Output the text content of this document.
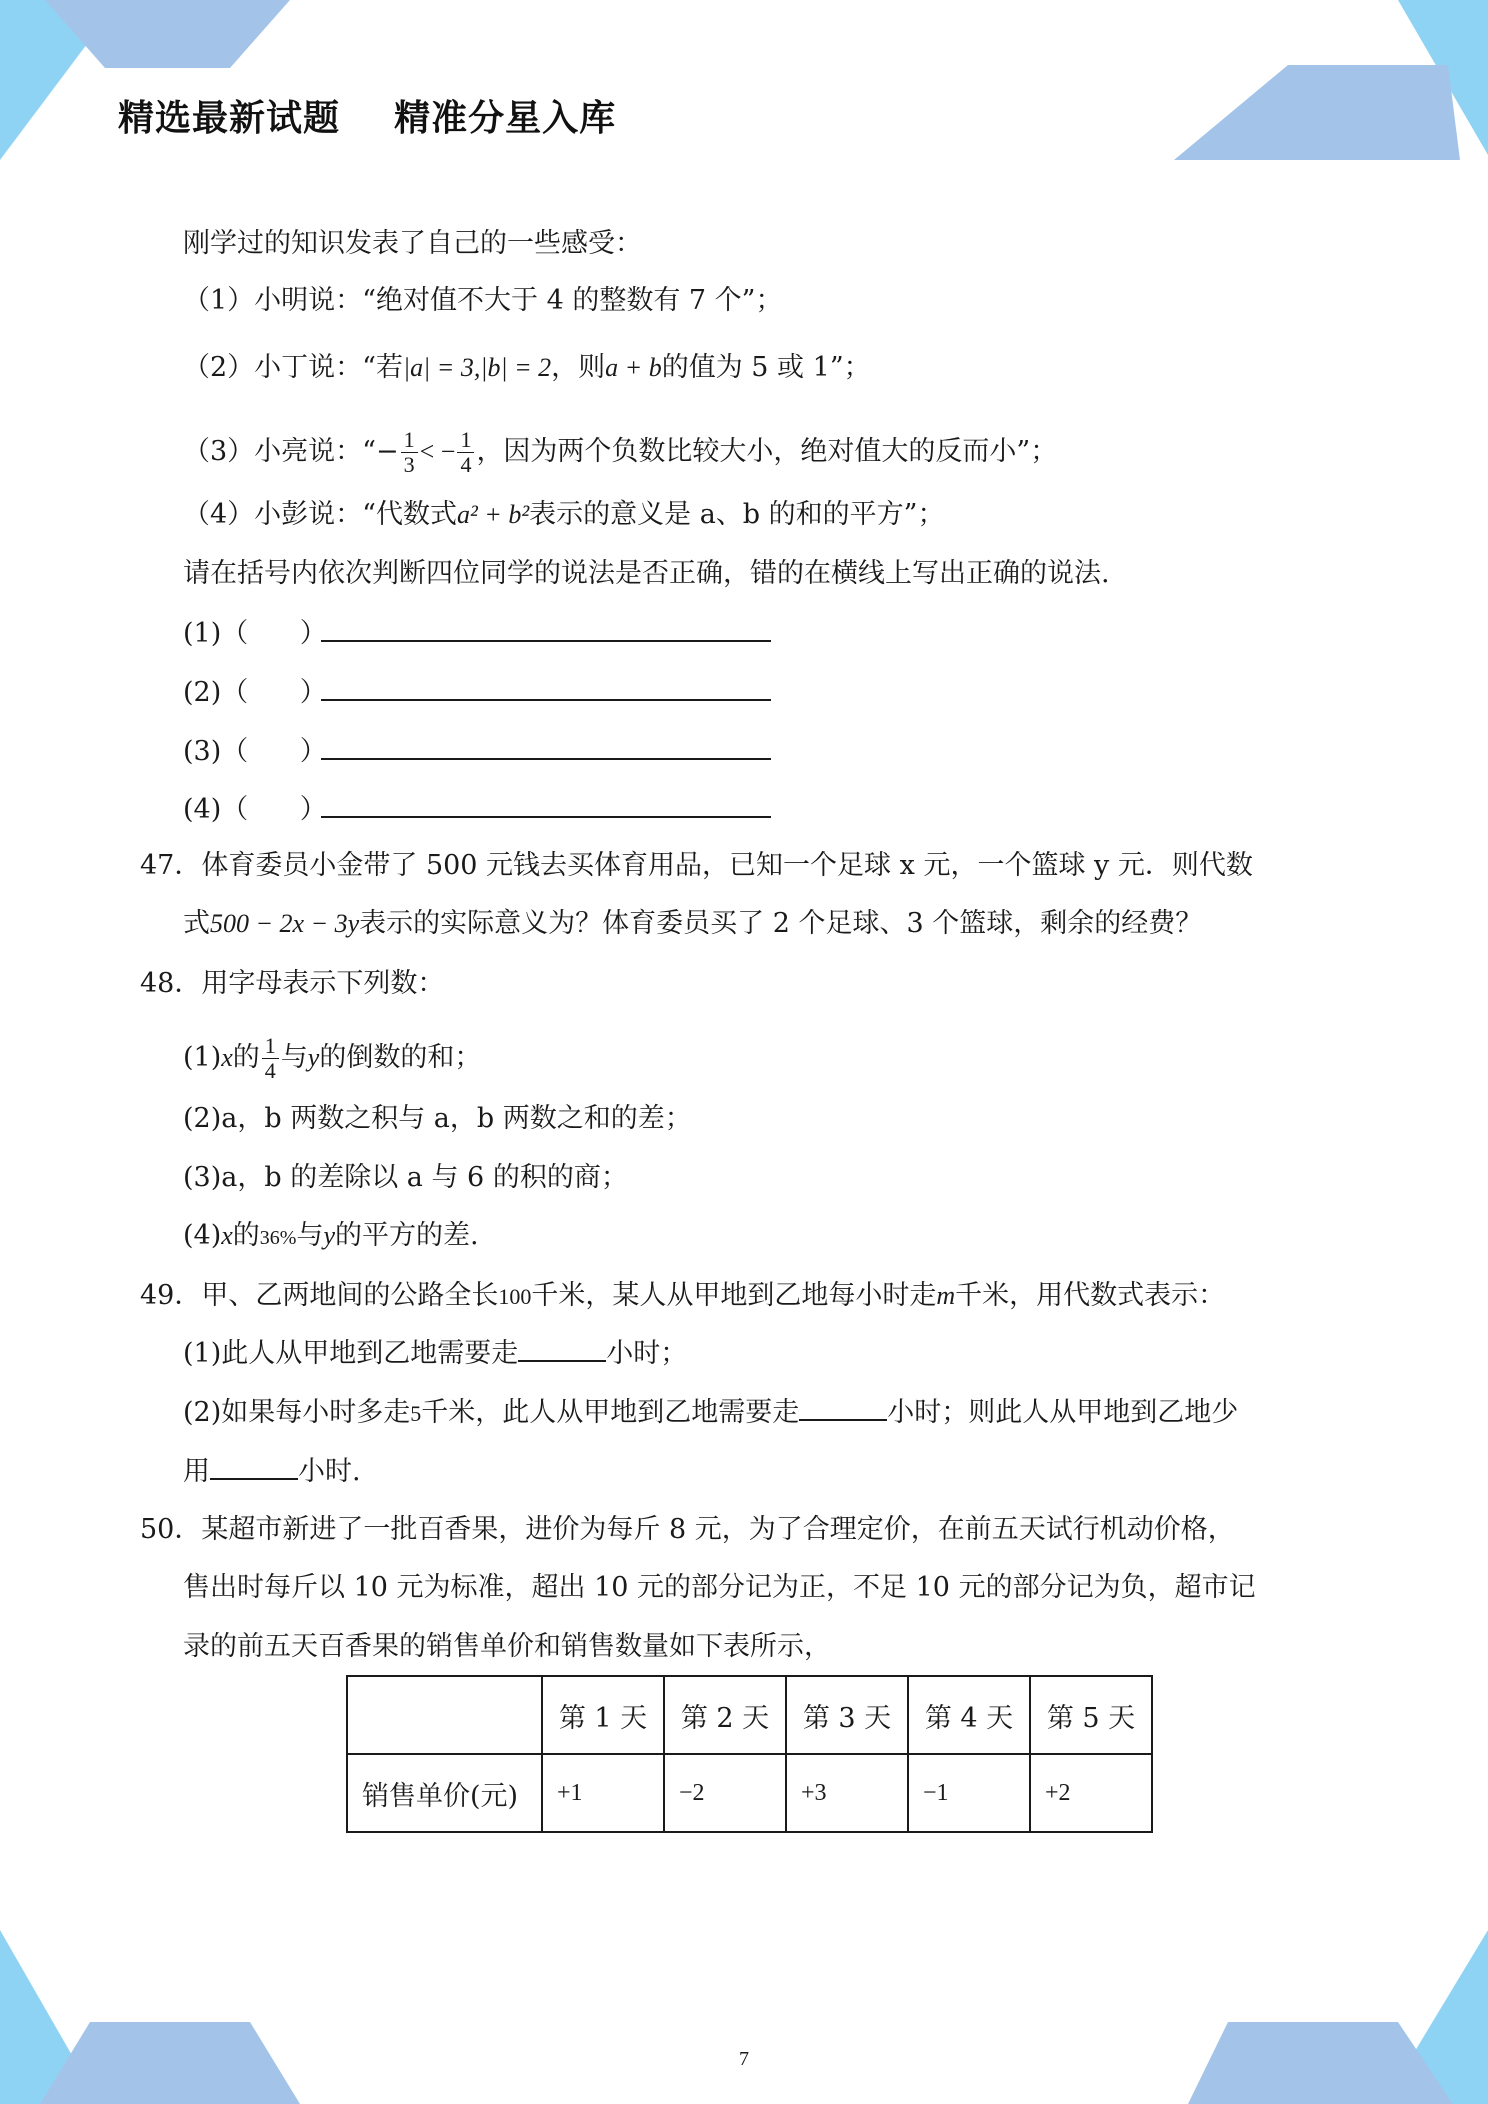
精选最新试题    精准分星入库
刚学过的知识发表了自己的一些感受：
（1）小明说：“绝对值不大于 4 的整数有 7 个”；
（2）小丁说：“若|a| = 3,|b| = 2，则a + b的值为 5 或 1”；
（3）小亮说：“− $\frac{1}{3}$ < − $\frac{1}{4}$ ，因为两个负数比较大小，绝对值大的反而小”；
（4）小彭说：“代数式a² + b²表示的意义是 a、b 的和的平方”；
请在括号内依次判断四位同学的说法是否正确，错的在横线上写出正确的说法.
(1)（ ）
(2)（ ）
(3)（ ）
(4)（ ）
47．体育委员小金带了 500 元钱去买体育用品，已知一个足球 x 元，一个篮球 y 元．则代数
式500 − 2x − 3y表示的实际意义为？体育委员买了 2 个足球、3 个篮球，剩余的经费？
48．用字母表示下列数：
(1)x的 $\frac{1}{4}$ 与y的倒数的和；
(2)a，b 两数之积与 a，b 两数之和的差；
(3)a，b 的差除以 a 与 6 的积的商；
(4)x的36%与y的平方的差.
49．甲、乙两地间的公路全长100千米，某人从甲地到乙地每小时走m千米，用代数式表示：
(1)此人从甲地到乙地需要走	小时；
(2)如果每小时多走5千米，此人从甲地到乙地需要走	小时；则此人从甲地到乙地少
用	小时.
50．某超市新进了一批百香果，进价为每斤 8 元，为了合理定价，在前五天试行机动价格，
售出时每斤以 10 元为标准，超出 10 元的部分记为正，不足 10 元的部分记为负，超市记
录的前五天百香果的销售单价和销售数量如下表所示，
	第 1 天	第 2 天	第 3 天	第 4 天	第 5 天
销售单价(元)	+1	−2	+3	−1	+2
7
